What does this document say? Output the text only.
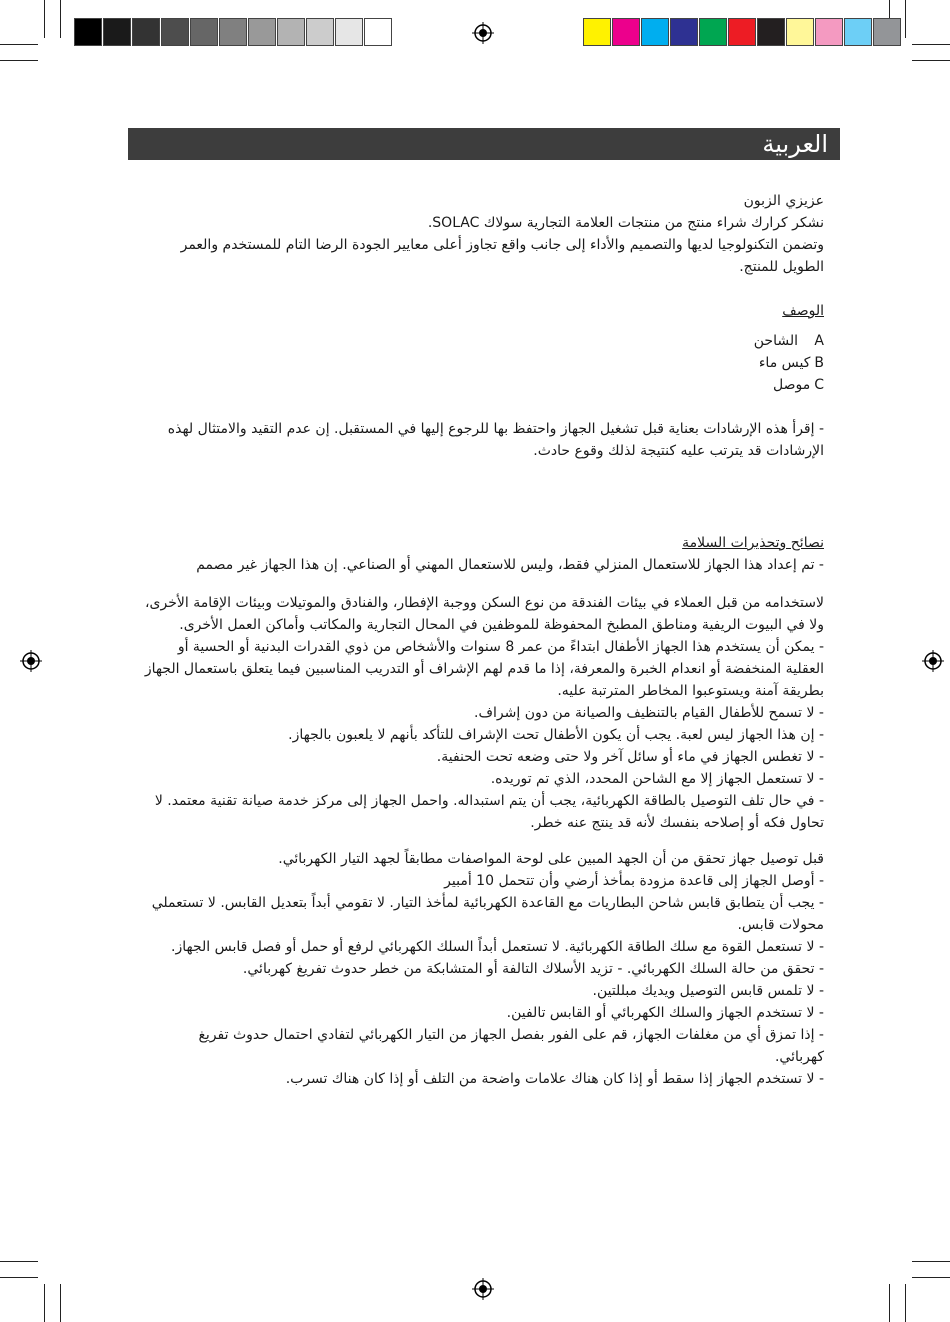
العربية

عزيزي الزبون

نشكر كرارك شراء منتج من منتجات العلامة التجارية سولاك SOLAC.

وتضمن التكنولوجيا لديها والتصميم والأداء إلى جانب واقع تجاوز أعلى معايير الجودة الرضا التام للمستخدم والعمر

الطويل للمنتج.

الوصف

A
الشاحن
B
كيس ماء
C
موصل

- إقرأ هذه الإرشادات بعناية قبل تشغيل الجهاز واحتفظ بها للرجوع إليها في المستقبل. إن عدم التقيد والامتثال لهذه

الإرشادات قد يترتب عليه كنتيجة لذلك وقوع حادث.

نصائح وتحذيرات السلامة

- تم إعداد هذا الجهاز للاستعمال المنزلي فقط، وليس للاستعمال المهني أو الصناعي. إن هذا الجهاز غير مصمم

لاستخدامه من قبل العملاء في بيئات الفندقة من نوع السكن ووجبة الإفطار، والفنادق والموتيلات وبيئات الإقامة الأخرى،

ولا في البيوت الريفية ومناطق المطبخ المحفوظة للموظفين في المحال التجارية والمكاتب وأماكن العمل الأخرى.

- يمكن أن يستخدم هذا الجهاز الأطفال ابتداءً من عمر 8 سنوات والأشخاص من ذوي القدرات البدنية أو الحسية أو

العقلية المنخفضة أو انعدام الخبرة والمعرفة، إذا ما قدم لهم الإشراف أو التدريب المناسبين فيما يتعلق باستعمال الجهاز

بطريقة آمنة ويستوعبوا المخاطر المترتبة عليه.

- لا تسمح للأطفال القيام بالتنظيف والصيانة من دون إشراف.

- إن هذا الجهاز ليس لعبة. يجب أن يكون الأطفال تحت الإشراف للتأكد بأنهم لا يلعبون بالجهاز.

- لا تغطس الجهاز في ماء أو سائل آخر ولا حتى وضعه تحت الحنفية.

- لا تستعمل الجهاز إلا مع الشاحن المحدد، الذي تم توريده.

- في حال تلف التوصيل بالطاقة الكهربائية، يجب أن يتم استبداله. واحمل الجهاز إلى مركز خدمة صيانة تقنية معتمد. لا

تحاول فكه أو إصلاحه بنفسك لأنه قد ينتج عنه خطر.

قبل توصيل جهاز تحقق من أن الجهد المبين على لوحة المواصفات مطابقاً لجهد التيار الكهربائي.

- أوصل الجهاز إلى قاعدة مزودة بمأخذ أرضي وأن تتحمل 10 أمبير

- يجب أن يتطابق قابس شاحن البطاريات مع القاعدة الكهربائية لمأخذ التيار. لا تقومي أبداً بتعديل القابس. لا تستعملي

محولات قابس.

- لا تستعمل القوة مع سلك الطاقة الكهربائية. لا تستعمل أبداً السلك الكهربائي لرفع أو حمل أو فصل قابس الجهاز.

- تحقق من حالة السلك الكهربائي. - تزيد الأسلاك التالفة أو المتشابكة من خطر حدوث تفريغ كهربائي.

- لا تلمس قابس التوصيل ويديك مبللتين.

- لا تستخدم الجهاز والسلك الكهربائي أو القابس تالفين.

- إذا تمزق أي من مغلفات الجهاز، قم على الفور بفصل الجهاز من التيار الكهربائي لتفادي احتمال حدوث تفريغ

كهربائي.

- لا تستخدم الجهاز إذا سقط أو إذا كان هناك علامات واضحة من التلف أو إذا كان هناك تسرب.
